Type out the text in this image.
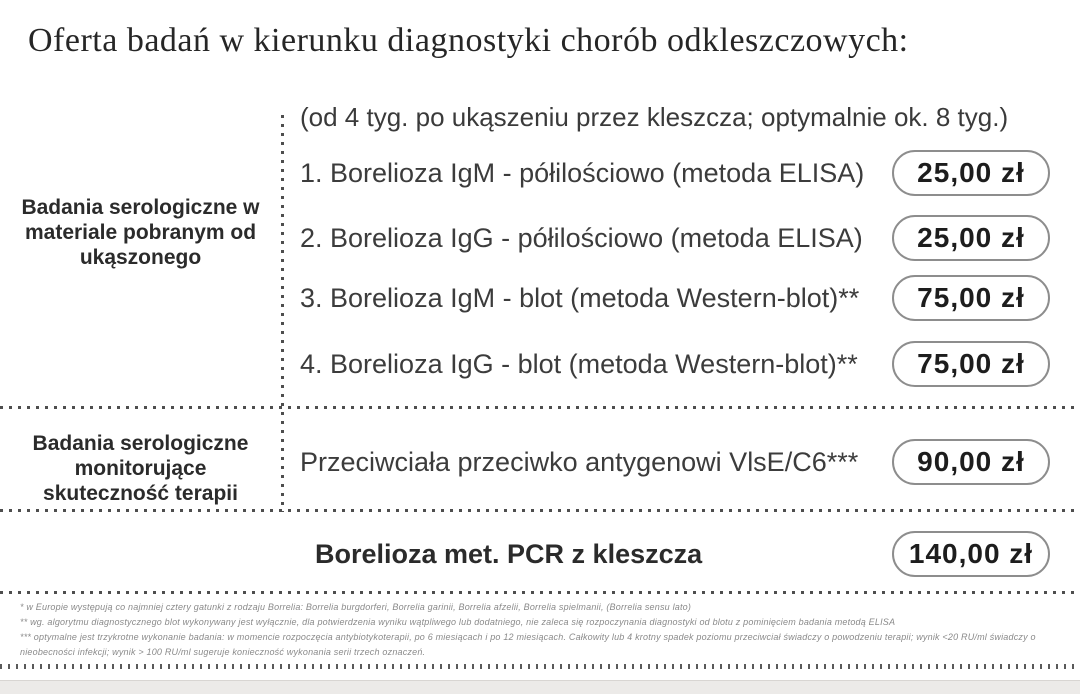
Oferta badań w kierunku diagnostyki chorób odkleszczowych:
Badania serologiczne w materiale pobranym od ukąszonego
(od 4 tyg. po ukąszeniu przez kleszcza; optymalnie ok. 8 tyg.)
1. Borelioza IgM - półilościowo (metoda ELISA)	25,00 zł
2. Borelioza IgG - półilościowo (metoda ELISA)	25,00 zł
3. Borelioza IgM - blot (metoda Western-blot)**	75,00 zł
4. Borelioza IgG - blot (metoda Western-blot)**	75,00 zł
Badania serologiczne monitorujące skuteczność terapii
Przeciwciała przeciwko antygenowi VlsE/C6***	90,00 zł
Borelioza met. PCR z kleszcza	140,00 zł
* w Europie występują co najmniej cztery gatunki z rodzaju Borrelia: Borrelia burgdorferi, Borrelia garinii, Borrelia afzelii, Borrelia spielmanii, (Borrelia sensu lato)
** wg. algorytmu diagnostycznego blot wykonywany jest wyłącznie, dla potwierdzenia wyniku wątpliwego lub dodatniego, nie zaleca się rozpoczynania diagnostyki od blotu z pominięciem badania metodą ELISA
*** optymalne jest trzykrotne wykonanie badania: w momencie rozpoczęcia antybiotykoterapii, po 6 miesiącach i po 12 miesiącach. Całkowity lub 4 krotny spadek poziomu przeciwciał świadczy o powodzeniu terapii; wynik <20 RU/ml świadczy o nieobecności infekcji; wynik > 100 RU/ml sugeruje konieczność wykonania serii trzech oznaczeń.
